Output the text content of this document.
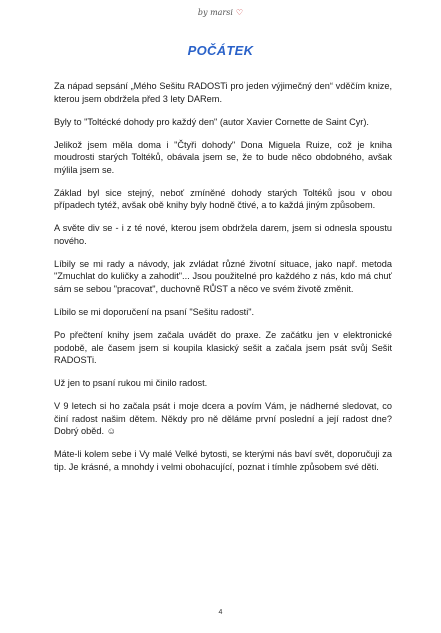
by marsi ♡
POČÁTEK

Za nápad sepsání „Mého Sešitu RADOSTi pro jeden výjimečný den“ vděčím knize, kterou jsem obdržela před 3 lety DARem.

Byly to "Toltécké dohody pro každý den" (autor Xavier Cornette de Saint Cyr).

Jelikož jsem měla doma i "Čtyři dohody" Dona Miguela Ruize, což je kniha moudrosti starých Toltéků, obávala jsem se, že to bude něco obdobného, avšak mýlila jsem se.

Základ byl sice stejný, neboť zmíněné dohody starých Toltéků jsou v obou případech tytéž, avšak obě knihy byly hodně čtivé, a to každá jiným způsobem.

A světe div se - i z té nové, kterou jsem obdržela darem, jsem si odnesla spoustu nového.

Líbily se mi rady a návody, jak zvládat různé životní situace, jako např. metoda "Zmuchlat do kuličky a zahodit"... Jsou použitelné pro každého z nás, kdo má chuť sám se sebou "pracovat", duchovně RŮST a něco ve svém životě změnit.

Líbilo se mi doporučení na psaní "Sešitu radosti".

Po přečtení knihy jsem začala uvádět do praxe. Ze začátku jen v elektronické podobě, ale časem jsem si koupila klasický sešit a začala jsem psát svůj Sešit RADOSTi.

Už jen to psaní rukou mi činilo radost.

V 9 letech si ho začala psát i moje dcera a povím Vám, je nádherné sledovat, co činí radost našim dětem. Někdy pro ně děláme první poslední a její radost dne? Dobrý oběd. ☺

Máte-li kolem sebe i Vy malé Velké bytosti, se kterými nás baví svět, doporučuji za tip. Je krásné, a mnohdy i velmi obohacující, poznat i tímhle způsobem své děti.

4
